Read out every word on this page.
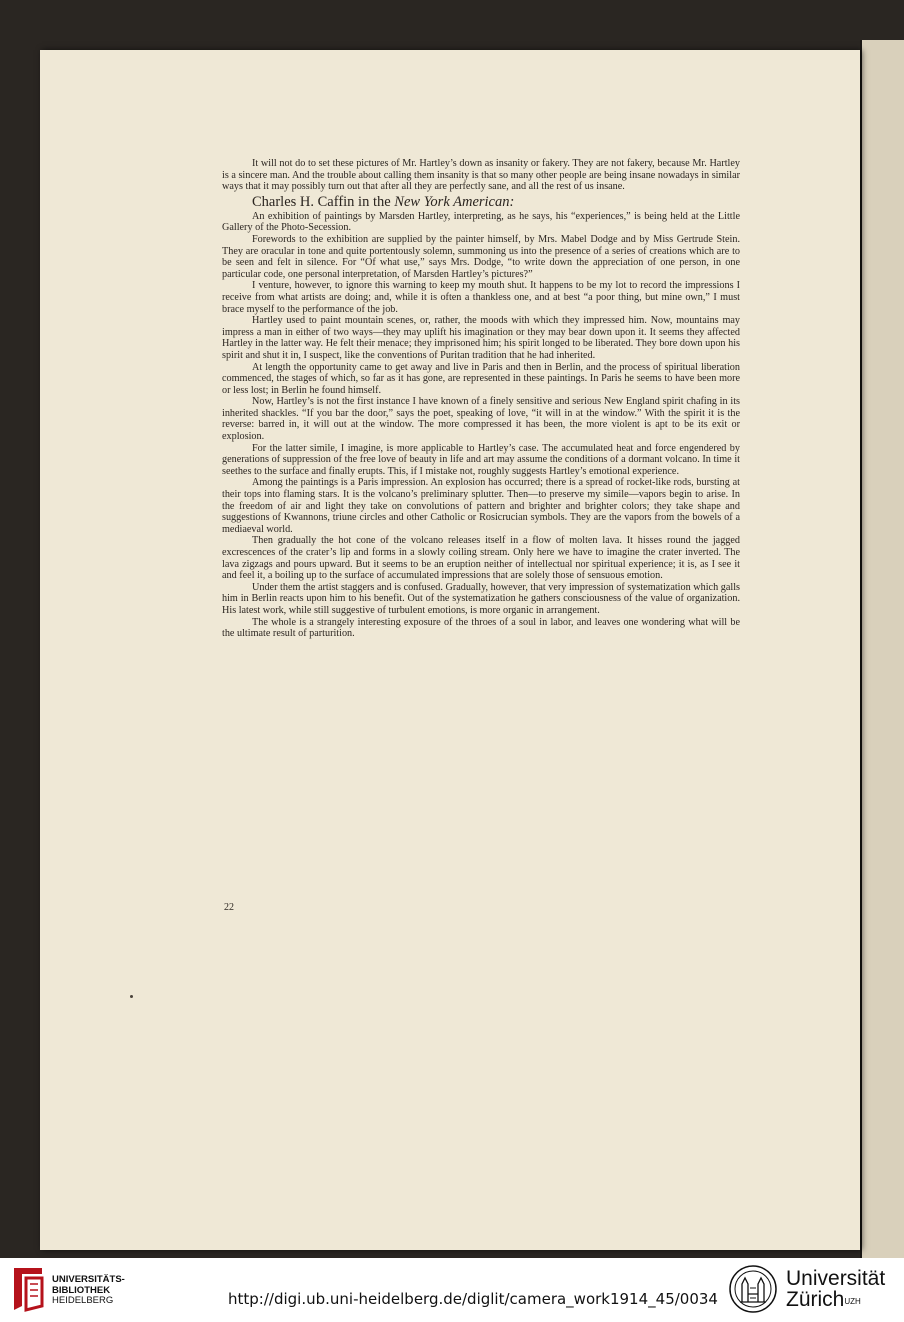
It will not do to set these pictures of Mr. Hartley’s down as insanity or fakery. They are not fakery, because Mr. Hartley is a sincere man. And the trouble about calling them insanity is that so many other people are being insane nowadays in similar ways that it may possibly turn out that after all they are perfectly sane, and all the rest of us insane.

Charles H. Caffin in the New York American:

An exhibition of paintings by Marsden Hartley, interpreting, as he says, his “experiences,” is being held at the Little Gallery of the Photo-Secession.

Forewords to the exhibition are supplied by the painter himself, by Mrs. Mabel Dodge and by Miss Gertrude Stein. They are oracular in tone and quite portentously solemn, summoning us into the presence of a series of creations which are to be seen and felt in silence. For “Of what use,” says Mrs. Dodge, “to write down the appreciation of one person, in one particular code, one personal interpretation, of Marsden Hartley’s pictures?”

I venture, however, to ignore this warning to keep my mouth shut. It happens to be my lot to record the impressions I receive from what artists are doing; and, while it is often a thankless one, and at best “a poor thing, but mine own,” I must brace myself to the performance of the job.

Hartley used to paint mountain scenes, or, rather, the moods with which they impressed him. Now, mountains may impress a man in either of two ways—they may uplift his imagination or they may bear down upon it. It seems they affected Hartley in the latter way. He felt their menace; they imprisoned him; his spirit longed to be liberated. They bore down upon his spirit and shut it in, I suspect, like the conventions of Puritan tradition that he had inherited.

At length the opportunity came to get away and live in Paris and then in Berlin, and the process of spiritual liberation commenced, the stages of which, so far as it has gone, are represented in these paintings. In Paris he seems to have been more or less lost; in Berlin he found himself.

Now, Hartley’s is not the first instance I have known of a finely sensitive and serious New England spirit chafing in its inherited shackles. “If you bar the door,” says the poet, speaking of love, “it will in at the window.” With the spirit it is the reverse: barred in, it will out at the window. The more compressed it has been, the more violent is apt to be its exit or explosion.

For the latter simile, I imagine, is more applicable to Hartley’s case. The accumulated heat and force engendered by generations of suppression of the free love of beauty in life and art may assume the conditions of a dormant volcano. In time it seethes to the surface and finally erupts. This, if I mistake not, roughly suggests Hartley’s emotional experience.

Among the paintings is a Paris impression. An explosion has occurred; there is a spread of rocket-like rods, bursting at their tops into flaming stars. It is the volcano’s preliminary splutter. Then—to preserve my simile—vapors begin to arise. In the freedom of air and light they take on convolutions of pattern and brighter and brighter colors; they take shape and suggestions of Kwannons, triune circles and other Catholic or Rosicrucian symbols. They are the vapors from the bowels of a mediaeval world.

Then gradually the hot cone of the volcano releases itself in a flow of molten lava. It hisses round the jagged excrescences of the crater’s lip and forms in a slowly coiling stream. Only here we have to imagine the crater inverted. The lava zigzags and pours upward. But it seems to be an eruption neither of intellectual nor spiritual experience; it is, as I see it and feel it, a boiling up to the surface of accumulated impressions that are solely those of sensuous emotion.

Under them the artist staggers and is confused. Gradually, however, that very impression of systematization which galls him in Berlin reacts upon him to his benefit. Out of the systematization he gathers consciousness of the value of organization. His latest work, while still suggestive of turbulent emotions, is more organic in arrangement.

The whole is a strangely interesting exposure of the throes of a soul in labor, and leaves one wondering what will be the ultimate result of parturition.

22
UNIVERSITÄTS-
BIBLIOTHEK
HEIDELBERG	http://digi.ub.uni-heidelberg.de/diglit/camera_work1914_45/0034
Universität
Zürich$^{UZH}$
